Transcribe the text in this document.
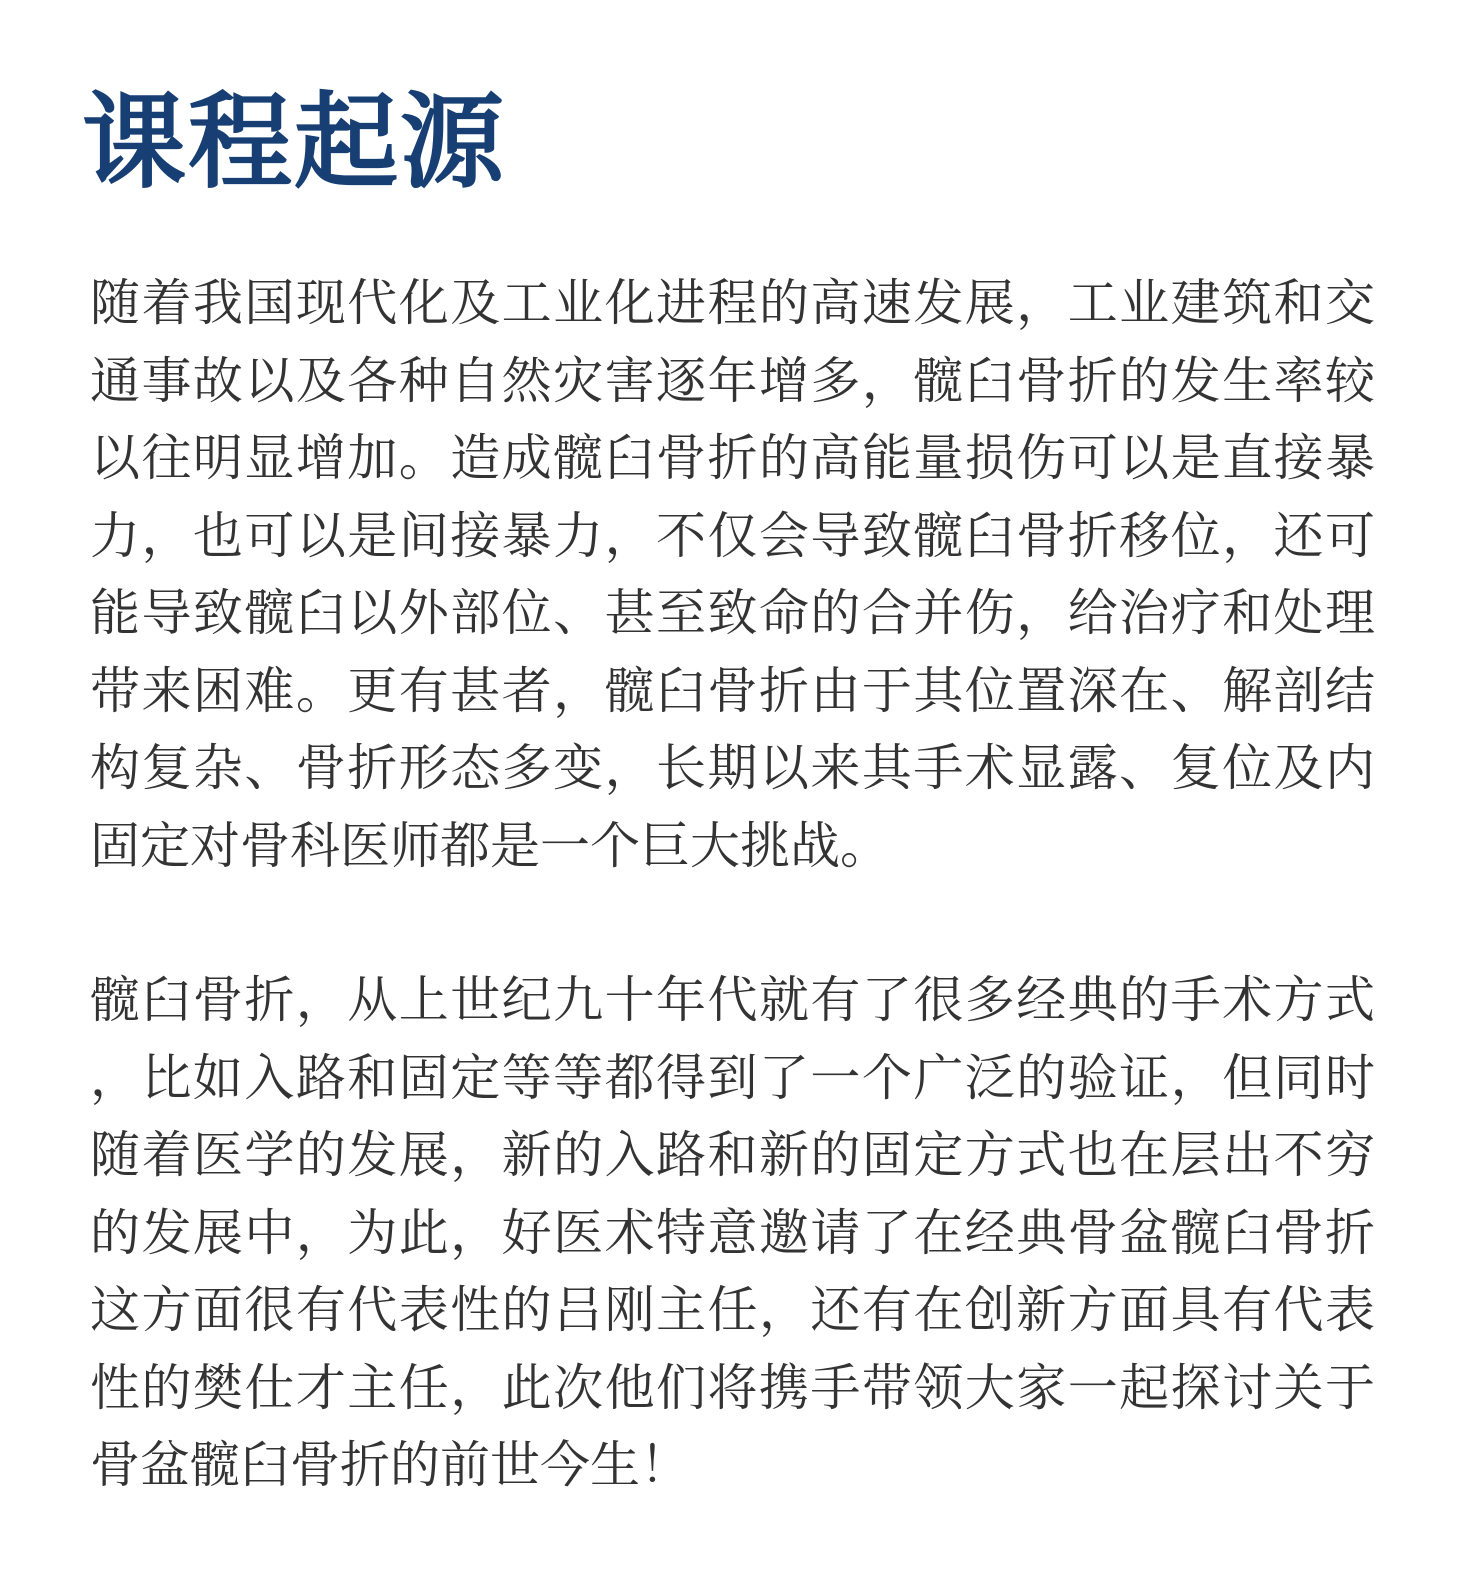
课程起源
随着我国现代化及工业化进程的高速发展，工业建筑和交
通事故以及各种自然灾害逐年增多，髋臼骨折的发生率较
以往明显增加。造成髋臼骨折的高能量损伤可以是直接暴
力，也可以是间接暴力，不仅会导致髋臼骨折移位，还可
能导致髋臼以外部位、甚至致命的合并伤，给治疗和处理
带来困难。更有甚者，髋臼骨折由于其位置深在、解剖结
构复杂、骨折形态多变，长期以来其手术显露、复位及内
固定对骨科医师都是一个巨大挑战。
髋臼骨折，从上世纪九十年代就有了很多经典的手术方式
，比如入路和固定等等都得到了一个广泛的验证，但同时
随着医学的发展，新的入路和新的固定方式也在层出不穷
的发展中，为此，好医术特意邀请了在经典骨盆髋臼骨折
这方面很有代表性的吕刚主任，还有在创新方面具有代表
性的樊仕才主任，此次他们将携手带领大家一起探讨关于
骨盆髋臼骨折的前世今生！
